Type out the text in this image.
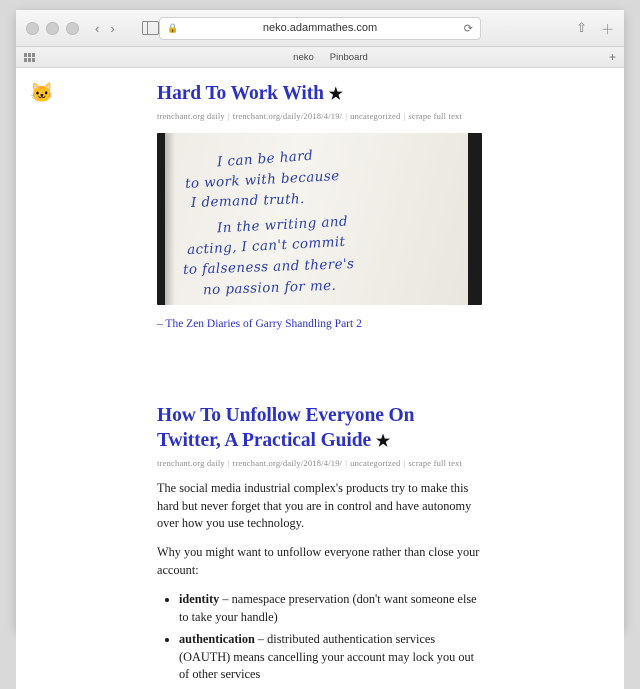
‹ ›	🔒	neko.adammathes.com	⟳	⇧ ＋
neko Pinboard	+
🐱	Hard To Work With ★
trenchant.org daily | trenchant.org/daily/2018/4/19/ | uncategorized | scrape full text
I can be hard
to work with because
I demand truth.
In the writing and
acting, I can't commit
to falseness and there's
no passion for me.
– The Zen Diaries of Garry Shandling Part 2
How To Unfollow Everyone On Twitter, A Practical Guide ★
trenchant.org daily | trenchant.org/daily/2018/4/19/ | uncategorized | scrape full text

The social media industrial complex's products try to make this hard but never forget that you are in control and have autonomy over how you use technology.

Why you might want to unfollow everyone rather than close your account:

• identity – namespace preservation (don't want someone else to take your handle)
• authentication – distributed authentication services (OAUTH) means cancelling your account may lock you out of other services
